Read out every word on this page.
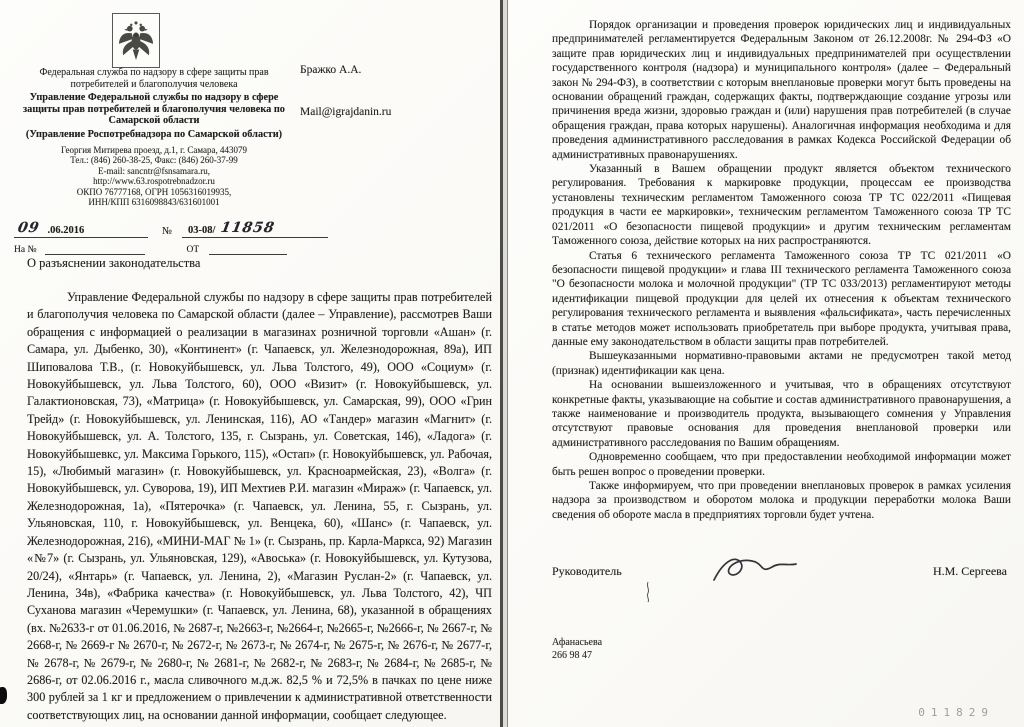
Федеральная служба по надзору в сфере защиты прав потребителей и благополучия человека
Управление Федеральной службы по надзору в сфере защиты прав потребителей и благополучия человека по Самарской области
(Управление Роспотребнадзора по Самарской области)
Георгия Митирева проезд, д.1, г. Самара, 443079
Тел.: (846) 260-38-25, Факс: (846) 260-37-99
E-mail: sancntr@fsnsamara.ru,
http://www.63.rospotrebnadzor.ru
ОКПО 76777168, ОГРН 1056316019935,
ИНН/КПП 6316098843/631601001
Бражко А.А.
Mail@igrajdanin.ru
09 .06.2016	№ 03-08/ 11858
На №	ОТ
О разъяснении законодательства

Управление Федеральной службы по надзору в сфере защиты прав потребителей и благополучия человека по Самарской области (далее – Управление), рассмотрев Ваши обращения с информацией о реализации в магазинах розничной торговли «Ашан» (г. Самара, ул. Дыбенко, 30), «Континент» (г. Чапаевск, ул. Железнодорожная, 89а), ИП Шиповалова Т.В., (г. Новокуйбышевск, ул. Льва Толстого, 49), ООО «Социум» (г. Новокуйбышевск, ул. Льва Толстого, 60), ООО «Визит» (г. Новокуйбышевск, ул. Галактионовская, 73), «Матрица» (г. Новокуйбышевск, ул. Самарская, 99), ООО «Грин Трейд» (г. Новокуйбышевск, ул. Ленинская, 116), АО «Тандер» магазин «Магнит» (г. Новокуйбышевск, ул. А. Толстого, 135, г. Сызрань, ул. Советская, 146), «Ладога» (г. Новокуйбышевкс, ул. Максима Горького, 115), «Остап» (г. Новокуйбышевск, ул. Рабочая, 15), «Любимый магазин» (г. Новокуйбышевск, ул. Красноармейская, 23), «Волга» (г. Новокуйбышевск, ул. Суворова, 19), ИП Мехтиев Р.И. магазин «Мираж» (г. Чапаевск, ул. Железнодорожная, 1а), «Пятерочка» (г. Чапаевск, ул. Ленина, 55, г. Сызрань, ул. Ульяновская, 110, г. Новокуйбышевск, ул. Венцека, 60), «Шанс» (г. Чапаевск, ул. Железнодорожная, 216), «МИНИ-МАГ № 1» (г. Сызрань, пр. Карла-Маркса, 92) Магазин «№7» (г. Сызрань, ул. Ульяновская, 129), «Авоська» (г. Новокуйбышевск, ул. Кутузова, 20/24), «Янтарь» (г. Чапаевск, ул. Ленина, 2), «Магазин Руслан-2» (г. Чапаевск, ул. Ленина, 34в), «Фабрика качества» (г. Новокуйбышевск, ул. Льва Толстого, 42), ЧП Суханова магазин «Черемушки» (г. Чапаевск, ул. Ленина, 68), указанной в обращениях (вх. №2633-г от 01.06.2016, № 2687-г, №2663-г, №2664-г, №2665-г, №2666-г, № 2667-г, № 2668-г, № 2669-г № 2670-г, № 2672-г, № 2673-г, № 2674-г, № 2675-г, № 2676-г, № 2677-г, № 2678-г, № 2679-г, № 2680-г, № 2681-г, № 2682-г, № 2683-г, № 2684-г, № 2685-г, № 2686-г, от 02.06.2016 г., масла сливочного м.д.ж. 82,5 % и 72,5% в пачках по цене ниже 300 рублей за 1 кг и предложением о привлечении к административной ответственности соответствующих лиц, на основании данной информации, сообщает следующее.

Порядок организации и проведения проверок юридических лиц и индивидуальных предпринимателей регламентируется Федеральным Законом от 26.12.2008г. № 294-ФЗ «О защите прав юридических лиц и индивидуальных предпринимателей при осуществлении государственного контроля (надзора) и муниципального контроля» (далее – Федеральный закон № 294-ФЗ), в соответствии с которым внеплановые проверки могут быть проведены на основании обращений граждан, содержащих факты, подтверждающие создание угрозы или причинения вреда жизни, здоровью граждан и (или) нарушения прав потребителей (в случае обращения граждан, права которых нарушены). Аналогичная информация необходима и для проведения административного расследования в рамках Кодекса Российской Федерации об административных правонарушениях.

Указанный в Вашем обращении продукт является объектом технического регулирования. Требования к маркировке продукции, процессам ее производства установлены техническим регламентом Таможенного союза ТР ТС 022/2011 «Пищевая продукция в части ее маркировки», техническим регламентом Таможенного союза ТР ТС 021/2011 «О безопасности пищевой продукции» и другим техническим регламентам Таможенного союза, действие которых на них распространяются.

Статья 6 технического регламента Таможенного союза ТР ТС 021/2011 «О безопасности пищевой продукции» и глава III технического регламента Таможенного союза "О безопасности молока и молочной продукции" (ТР ТС 033/2013) регламентируют методы идентификации пищевой продукции для целей их отнесения к объектам технического регулирования технического регламента и выявления «фальсификата», часть перечисленных в статье методов может использовать приобретатель при выборе продукта, учитывая права, данные ему законодательством в области защиты прав потребителей.

Вышеуказанными нормативно-правовыми актами не предусмотрен такой метод (признак) идентификации как цена.

На основании вышеизложенного и учитывая, что в обращениях отсутствуют конкретные факты, указывающие на событие и состав административного правонарушения, а также наименование и производитель продукта, вызывающего сомнения у Управления отсутствуют правовые основания для проведения внеплановой проверки или административного расследования по Вашим обращениям.

Одновременно сообщаем, что при предоставлении необходимой информации может быть решен вопрос о проведении проверки.

Также информируем, что при проведении внеплановых проверок в рамках усиления надзора за производством и оборотом молока и продукции переработки молока Ваши сведения об обороте масла в предприятиях торговли будет учтена.

Руководитель	Н.М. Сергеева
Афанасьева
266 98 47
011829
